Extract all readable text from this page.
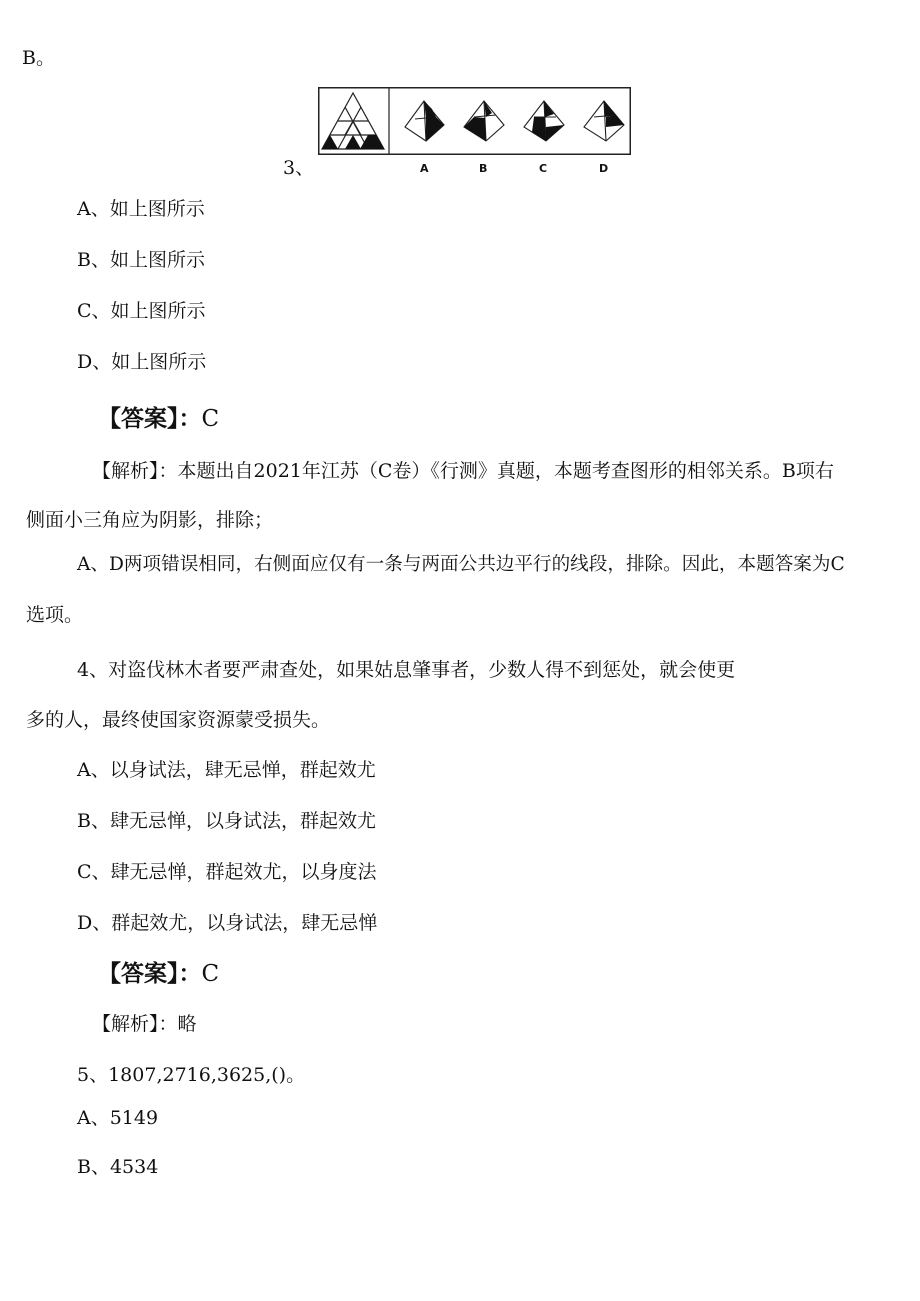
B。
3、	A	B	C	D
A、如上图所示
B、如上图所示
C、如上图所示
D、如上图所示
【答案】：C
【解析】：本题出自2021年江苏（C卷）《行测》真题，本题考查图形的相邻关系。B项右
侧面小三角应为阴影，排除；
A、D两项错误相同，右侧面应仅有一条与两面公共边平行的线段，排除。因此，本题答案为C
选项。
4、对盗伐林木者要严肃查处，如果姑息肇事者，少数人得不到惩处，就会使更
多的人，最终使国家资源蒙受损失。
A、以身试法，肆无忌惮，群起效尤
B、肆无忌惮，以身试法，群起效尤
C、肆无忌惮，群起效尤，以身度法
D、群起效尤，以身试法，肆无忌惮
【答案】：C
【解析】：略
5、1807,2716,3625,()。
A、5149
B、4534
